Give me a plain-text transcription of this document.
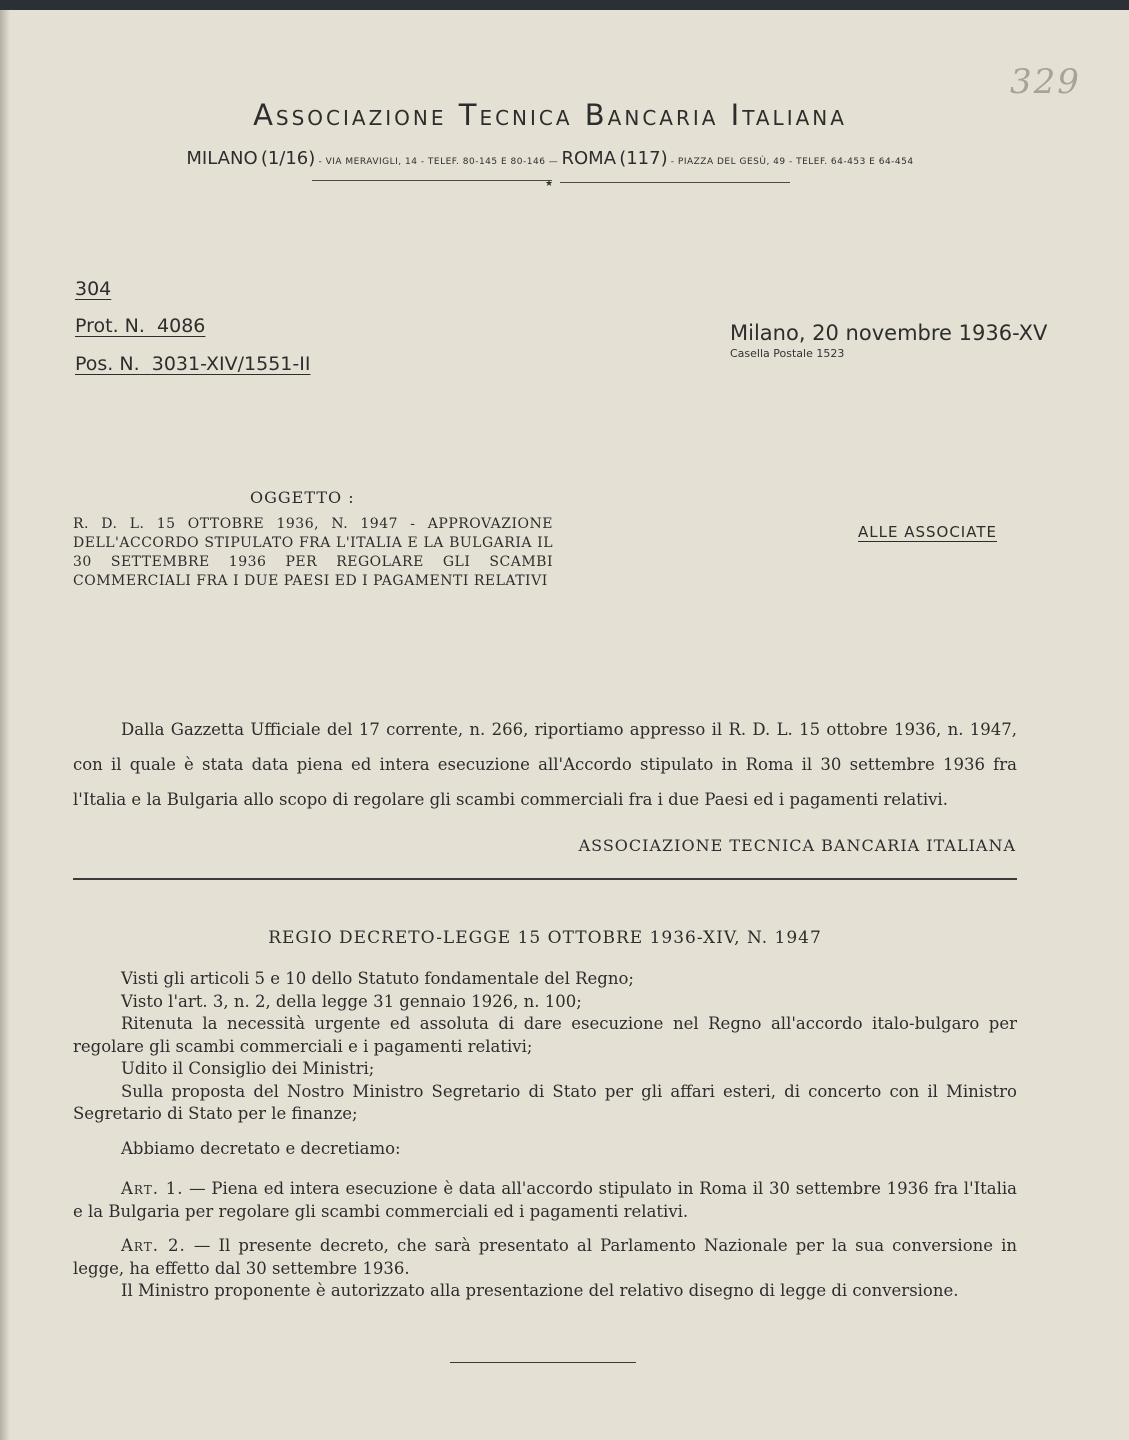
329
Associazione Tecnica Bancaria Italiana
MILANO (1/16) - VIA MERAVIGLI, 14 - TELEF. 80-145 E 80-146 — ROMA (117) - PIAZZA DEL GESÙ, 49 - TELEF. 64-453 E 64-454
★
304
Prot. N. 4086
Pos. N. 3031-XIV/1551-II
Milano, 20 novembre 1936-XV
Casella Postale 1523
OGGETTO :
R. D. L. 15 OTTOBRE 1936, N. 1947 - APPROVAZIONE DELL'ACCORDO STIPULATO FRA L'ITALIA E LA BULGARIA IL 30 SETTEMBRE 1936 PER REGOLARE GLI SCAMBI COMMERCIALI FRA I DUE PAESI ED I PAGAMENTI RELATIVI
ALLE ASSOCIATE
Dalla Gazzetta Ufficiale del 17 corrente, n. 266, riportiamo appresso il R. D. L. 15 ottobre 1936, n. 1947, con il quale è stata data piena ed intera esecuzione all'Accordo stipulato in Roma il 30 settembre 1936 fra l'Italia e la Bulgaria allo scopo di regolare gli scambi commerciali fra i due Paesi ed i pagamenti relativi.
ASSOCIAZIONE TECNICA BANCARIA ITALIANA
REGIO DECRETO-LEGGE 15 OTTOBRE 1936-XIV, N. 1947

Visti gli articoli 5 e 10 dello Statuto fondamentale del Regno;

Visto l'art. 3, n. 2, della legge 31 gennaio 1926, n. 100;

Ritenuta la necessità urgente ed assoluta di dare esecuzione nel Regno all'accordo italo-bulgaro per regolare gli scambi commerciali e i pagamenti relativi;

Udito il Consiglio dei Ministri;

Sulla proposta del Nostro Ministro Segretario di Stato per gli affari esteri, di concerto con il Ministro Segretario di Stato per le finanze;

Abbiamo decretato e decretiamo:

Art. 1. — Piena ed intera esecuzione è data all'accordo stipulato in Roma il 30 settembre 1936 fra l'Italia e la Bulgaria per regolare gli scambi commerciali ed i pagamenti relativi.

Art. 2. — Il presente decreto, che sarà presentato al Parlamento Nazionale per la sua conversione in legge, ha effetto dal 30 settembre 1936.

Il Ministro proponente è autorizzato alla presentazione del relativo disegno di legge di conversione.
